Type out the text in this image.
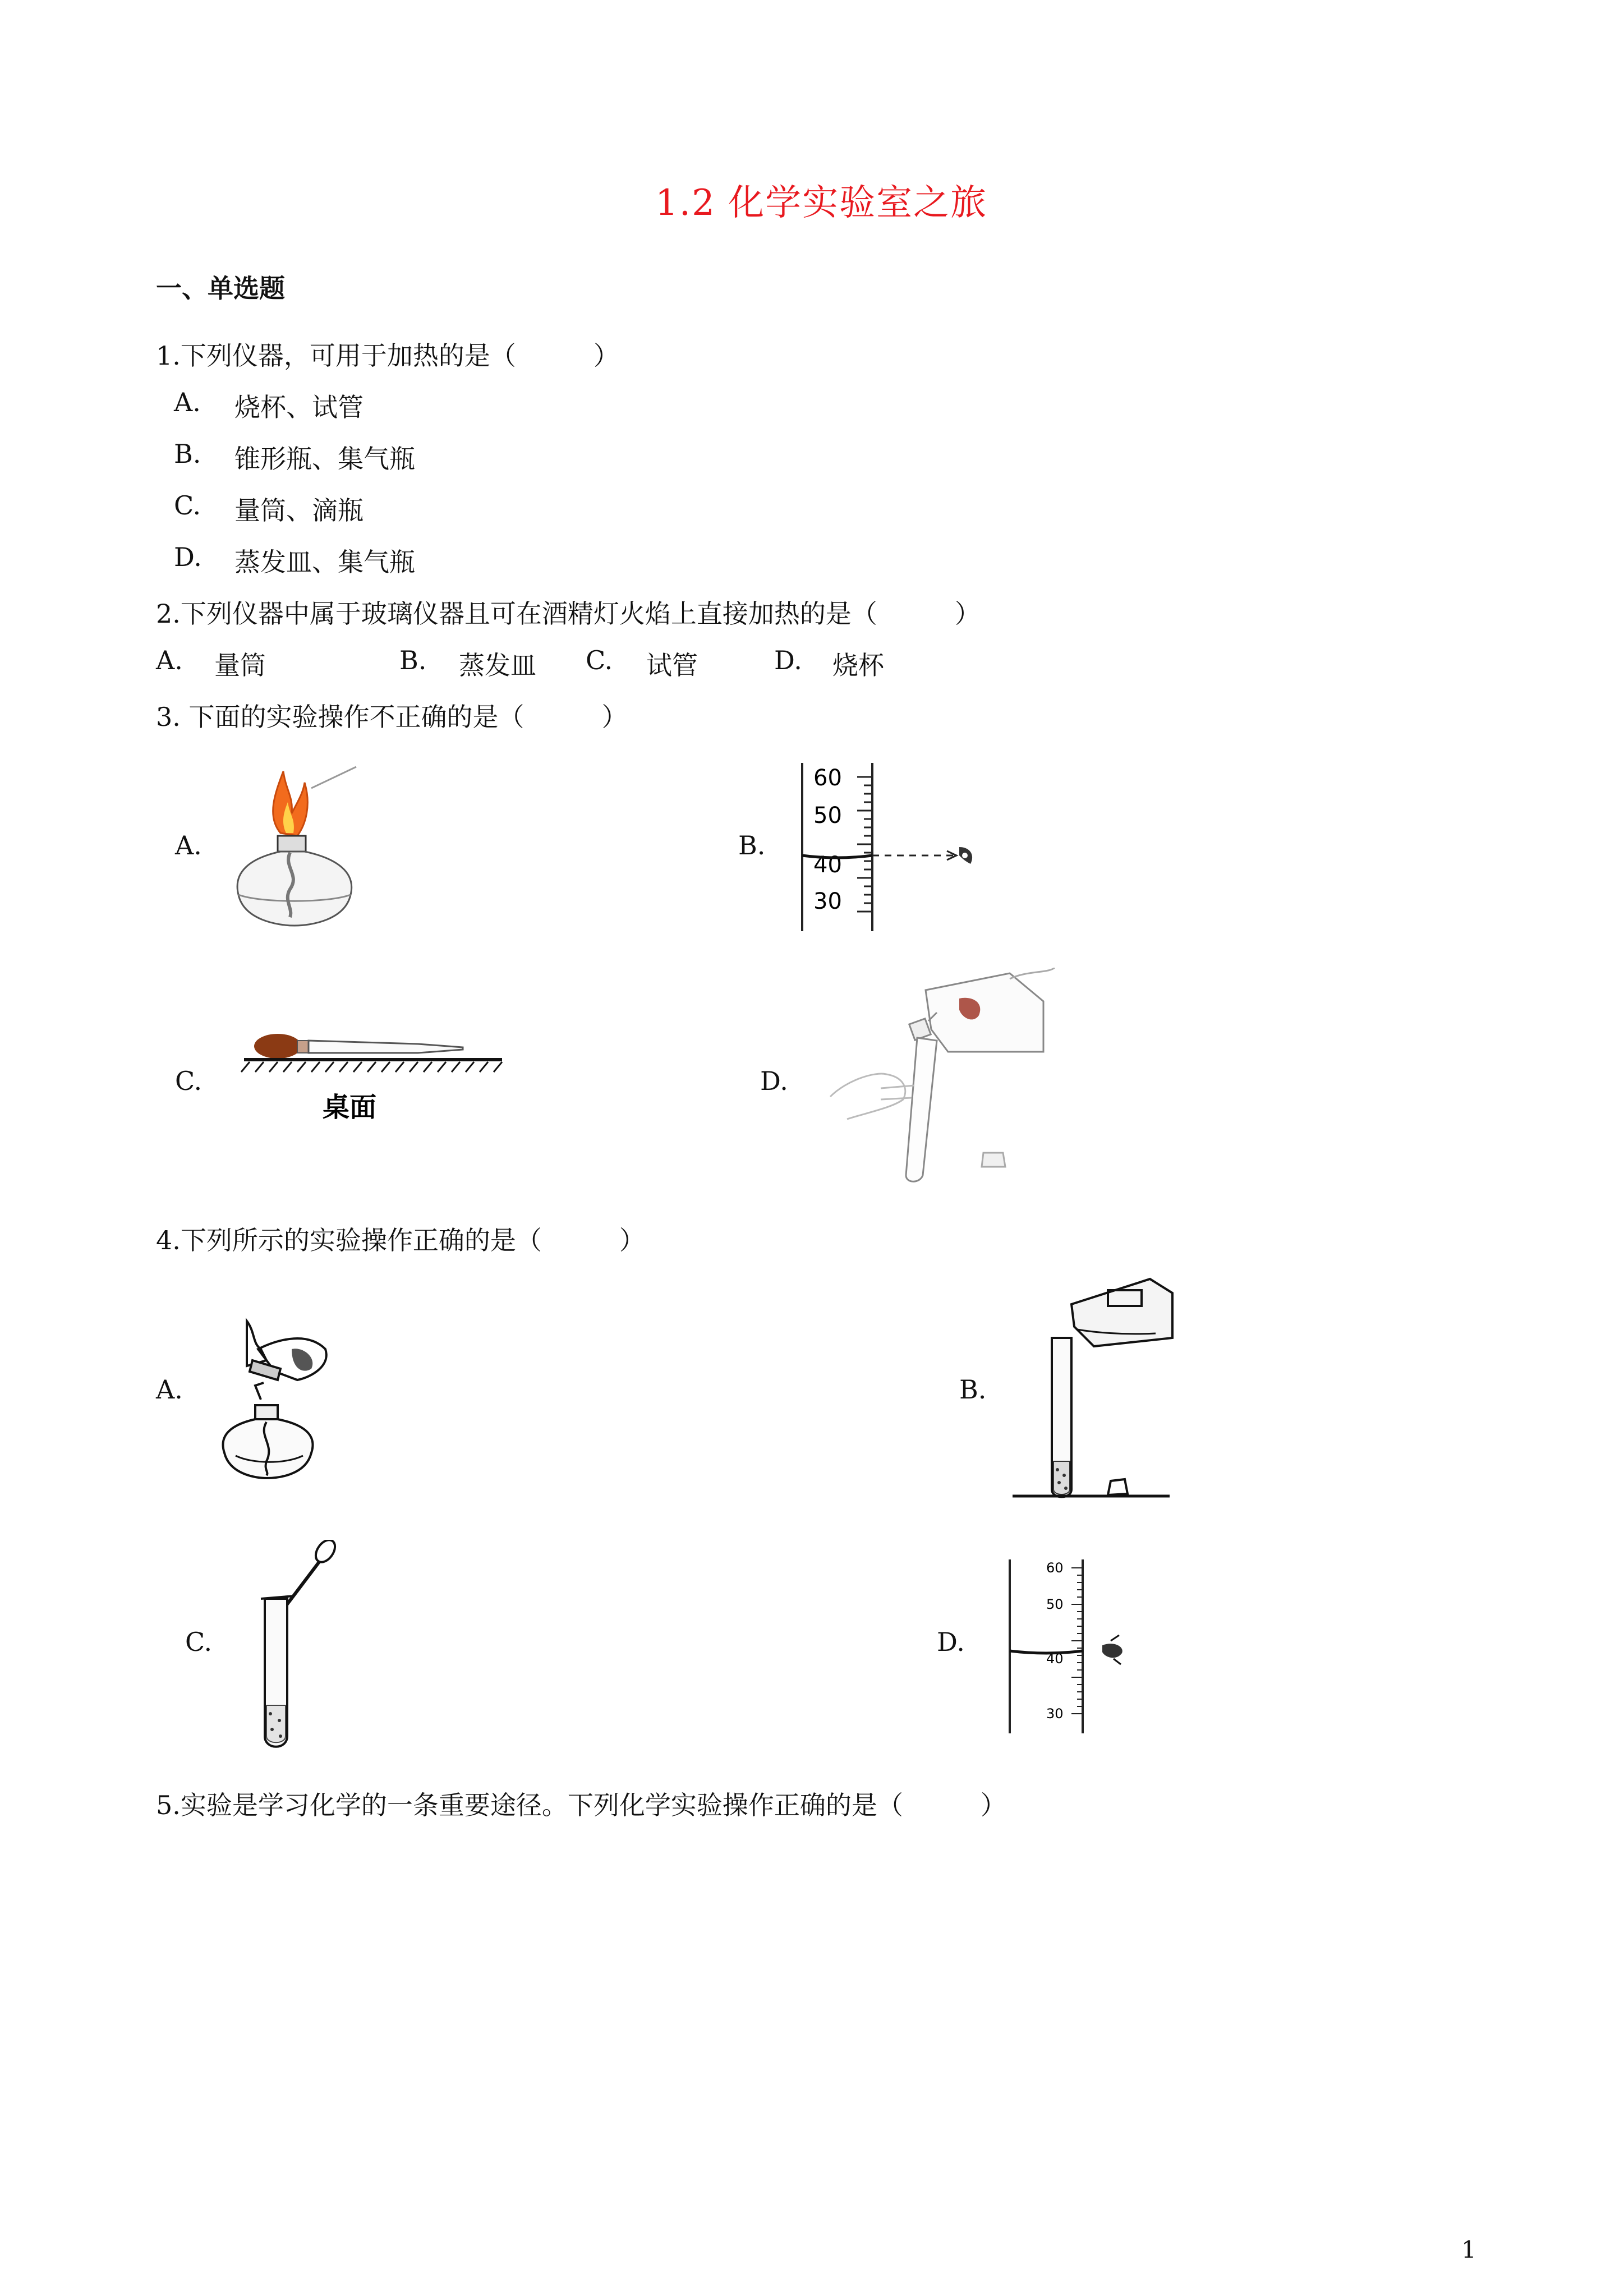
1.2 化学实验室之旅
一、单选题
1.下列仪器，可用于加热的是（　　　）
A. 烧杯、试管
B. 锥形瓶、集气瓶
C. 量筒、滴瓶
D. 蒸发皿、集气瓶
2.下列仪器中属于玻璃仪器且可在酒精灯火焰上直接加热的是（　　　）
A. 量筒	B. 蒸发皿 C. 试管	D. 烧杯
3. 下面的实验操作不正确的是（　　　）
A.	B.
60
50
40
30
C.
桌面
D.
4.下列所示的实验操作正确的是（　　　）
A.	B.
C.	D.
60
50
40
30
5.实验是学习化学的一条重要途径。下列化学实验操作正确的是（　　　）
1
